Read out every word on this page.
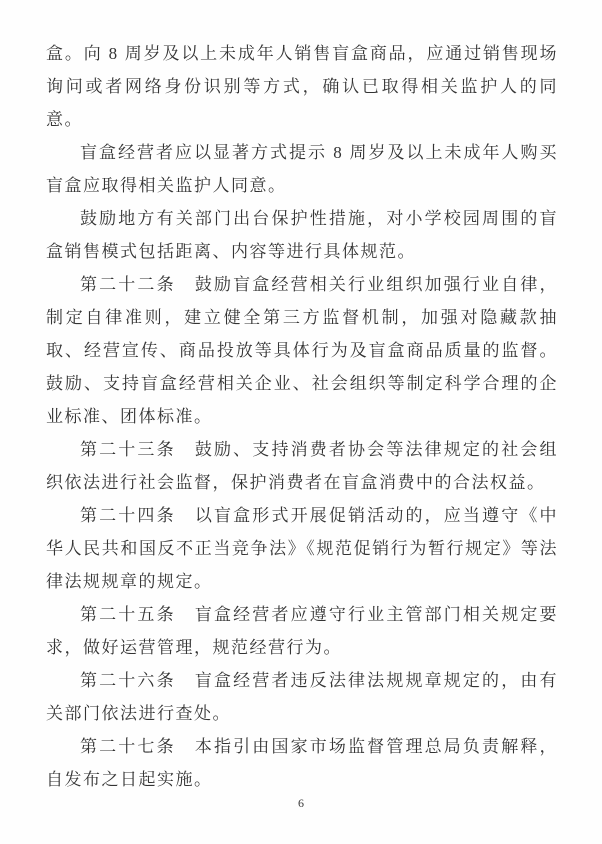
盒。向 8 周岁及以上未成年人销售盲盒商品，应通过销售现场询问或者网络身份识别等方式，确认已取得相关监护人的同意。

盲盒经营者应以显著方式提示 8 周岁及以上未成年人购买盲盒应取得相关监护人同意。

鼓励地方有关部门出台保护性措施，对小学校园周围的盲盒销售模式包括距离、内容等进行具体规范。

第二十二条　鼓励盲盒经营相关行业组织加强行业自律，制定自律准则，建立健全第三方监督机制，加强对隐藏款抽取、经营宣传、商品投放等具体行为及盲盒商品质量的监督。鼓励、支持盲盒经营相关企业、社会组织等制定科学合理的企业标准、团体标准。

第二十三条　鼓励、支持消费者协会等法律规定的社会组织依法进行社会监督，保护消费者在盲盒消费中的合法权益。

第二十四条　以盲盒形式开展促销活动的，应当遵守《中华人民共和国反不正当竞争法》《规范促销行为暂行规定》等法律法规规章的规定。

第二十五条　盲盒经营者应遵守行业主管部门相关规定要求，做好运营管理，规范经营行为。

第二十六条　盲盒经营者违反法律法规规章规定的，由有关部门依法进行查处。

第二十七条　本指引由国家市场监督管理总局负责解释，自发布之日起实施。

6
